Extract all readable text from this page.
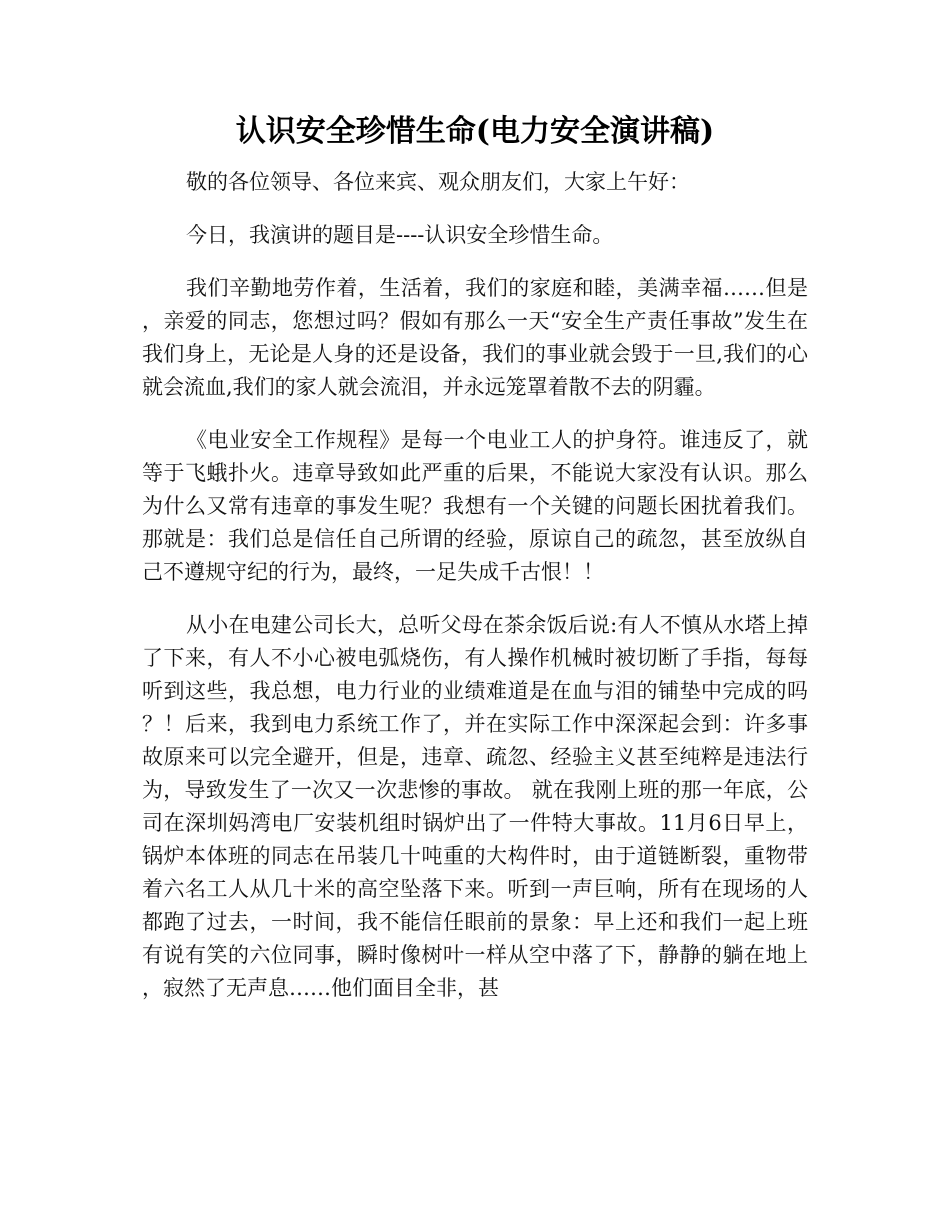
认识安全珍惜生命(电力安全演讲稿)

敬的各位领导、各位来宾、观众朋友们，大家上午好：

今日，我演讲的题目是----认识安全珍惜生命。

我们辛勤地劳作着，生活着，我们的家庭和睦，美满幸福……但是，亲爱的同志，您想过吗？假如有那么一天“安全生产责任事故”发生在我们身上，无论是人身的还是设备，我们的事业就会毁于一旦,我们的心就会流血,我们的家人就会流泪，并永远笼罩着散不去的阴霾。

《电业安全工作规程》是每一个电业工人的护身符。谁违反了，就等于飞蛾扑火。违章导致如此严重的后果，不能说大家没有认识。那么为什么又常有违章的事发生呢？我想有一个关键的问题长困扰着我们。那就是：我们总是信任自己所谓的经验，原谅自己的疏忽，甚至放纵自己不遵规守纪的行为，最终，一足失成千古恨！！

从小在电建公司长大，总听父母在茶余饭后说:有人不慎从水塔上掉了下来，有人不小心被电弧烧伤，有人操作机械时被切断了手指，每每听到这些，我总想，电力行业的业绩难道是在血与泪的铺垫中完成的吗？！后来，我到电力系统工作了，并在实际工作中深深起会到：许多事故原来可以完全避开，但是，违章、疏忽、经验主义甚至纯粹是违法行为，导致发生了一次又一次悲惨的事故。 就在我刚上班的那一年底，公司在深圳妈湾电厂安装机组时锅炉出了一件特大事故。11月6日早上，锅炉本体班的同志在吊装几十吨重的大构件时，由于道链断裂，重物带着六名工人从几十米的高空坠落下来。听到一声巨响，所有在现场的人都跑了过去，一时间，我不能信任眼前的景象：早上还和我们一起上班有说有笑的六位同事，瞬时像树叶一样从空中落了下，静静的躺在地上，寂然了无声息……他们面目全非，甚
